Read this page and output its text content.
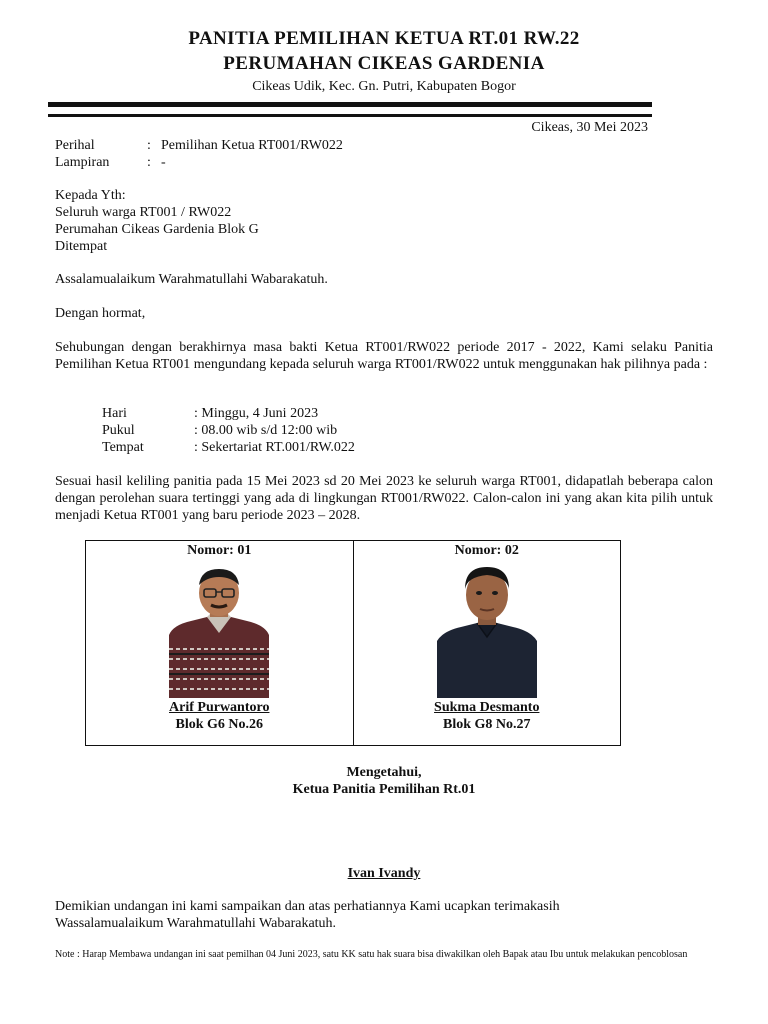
PANITIA PEMILIHAN KETUA RT.01 RW.22
PERUMAHAN CIKEAS GARDENIA
Cikeas Udik, Kec. Gn. Putri, Kabupaten Bogor
Cikeas, 30 Mei 2023
Perihal	: Pemilihan Ketua RT001/RW022
Lampiran	: -
Kepada Yth:
Seluruh warga RT001 / RW022
Perumahan Cikeas Gardenia Blok G
Ditempat
Assalamualaikum Warahmatullahi Wabarakatuh.
Dengan hormat,
Sehubungan dengan berakhirnya masa bakti Ketua RT001/RW022 periode 2017 - 2022, Kami selaku Panitia Pemilihan Ketua RT001 mengundang kepada seluruh warga RT001/RW022 untuk menggunakan hak pilihnya pada :
Hari	: Minggu, 4 Juni 2023
Pukul	: 08.00 wib s/d 12:00 wib
Tempat	: Sekertariat RT.001/RW.022
Sesuai hasil keliling panitia pada 15 Mei 2023 sd 20 Mei 2023 ke seluruh warga RT001, didapatlah beberapa calon dengan perolehan suara tertinggi yang ada di lingkungan RT001/RW022. Calon-calon ini yang akan kita pilih untuk menjadi Ketua RT001 yang baru periode 2023 – 2028.
Nomor: 01
Arif Purwantoro
Blok G6 No.26
Nomor: 02
Sukma Desmanto
Blok G8 No.27
Mengetahui,
Ketua Panitia Pemilihan Rt.01
Ivan Ivandy
Demikian undangan ini kami sampaikan dan atas perhatiannya Kami ucapkan terimakasih
Wassalamualaikum Warahmatullahi Wabarakatuh.
Note : Harap Membawa undangan ini saat pemilhan 04 Juni 2023, satu KK satu hak suara bisa diwakilkan oleh Bapak atau Ibu untuk melakukan pencoblosan
